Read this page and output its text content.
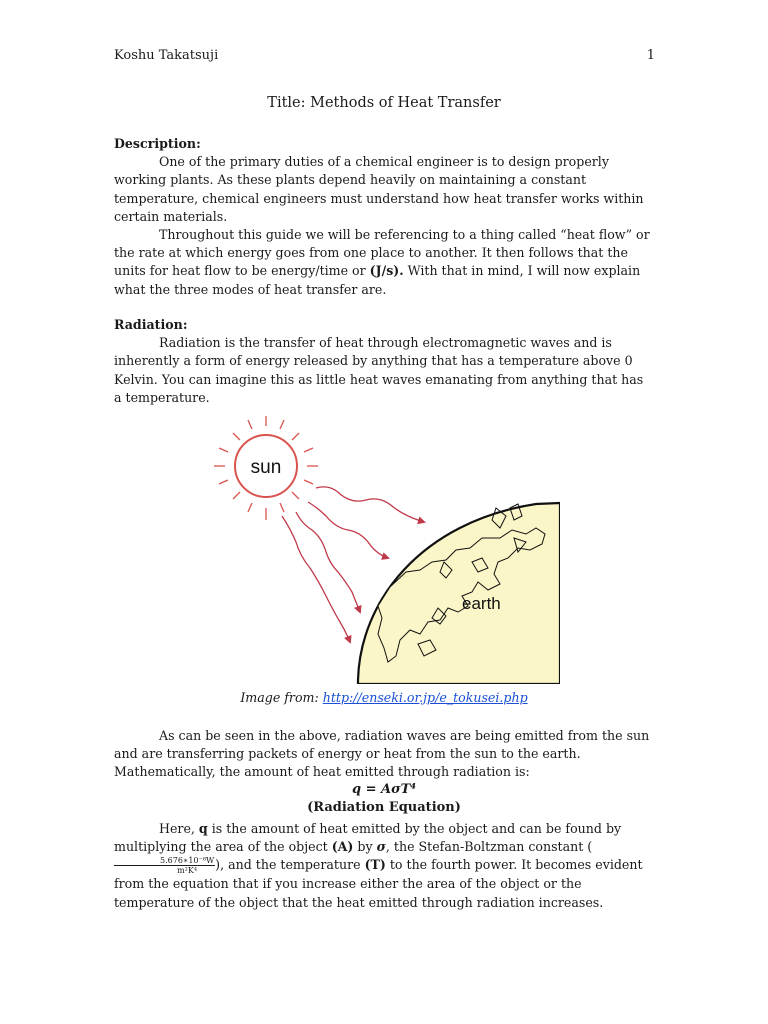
Koshu Takatsuji	1
Title: Methods of Heat Transfer
Description:

One of the primary duties of a chemical engineer is to design properly working plants. As these plants depend heavily on maintaining a constant temperature, chemical engineers must understand how heat transfer works within certain materials.

Throughout this guide we will be referencing to a thing called “heat flow” or the rate at which energy goes from one place to another. It then follows that the units for heat flow to be energy/time or (J/s). With that in mind, I will now explain what the three modes of heat transfer are.

Radiation:

Radiation is the transfer of heat through electromagnetic waves and is inherently a form of energy released by anything that has a temperature above 0 Kelvin. You can imagine this as little heat waves emanating from anything that has a temperature.

sun
earth
Image from: http://enseki.or.jp/e_tokusei.php

As can be seen in the above, radiation waves are being emitted from the sun and are transferring packets of energy or heat from the sun to the earth. Mathematically, the amount of heat emitted through radiation is:

q = AσT⁴
(Radiation Equation)

Here, q is the amount of heat emitted by the object and can be found by multiplying the area of the object (A) by σ, the Stefan-Boltzman constant (
$\frac{\text{5.676∗10⁻⁸W}}{\text{m²K⁴}}$ ), and the temperature (T) to the fourth power. It becomes evident from the equation that if you increase either the area of the object or the temperature of the object that the heat emitted through radiation increases.
